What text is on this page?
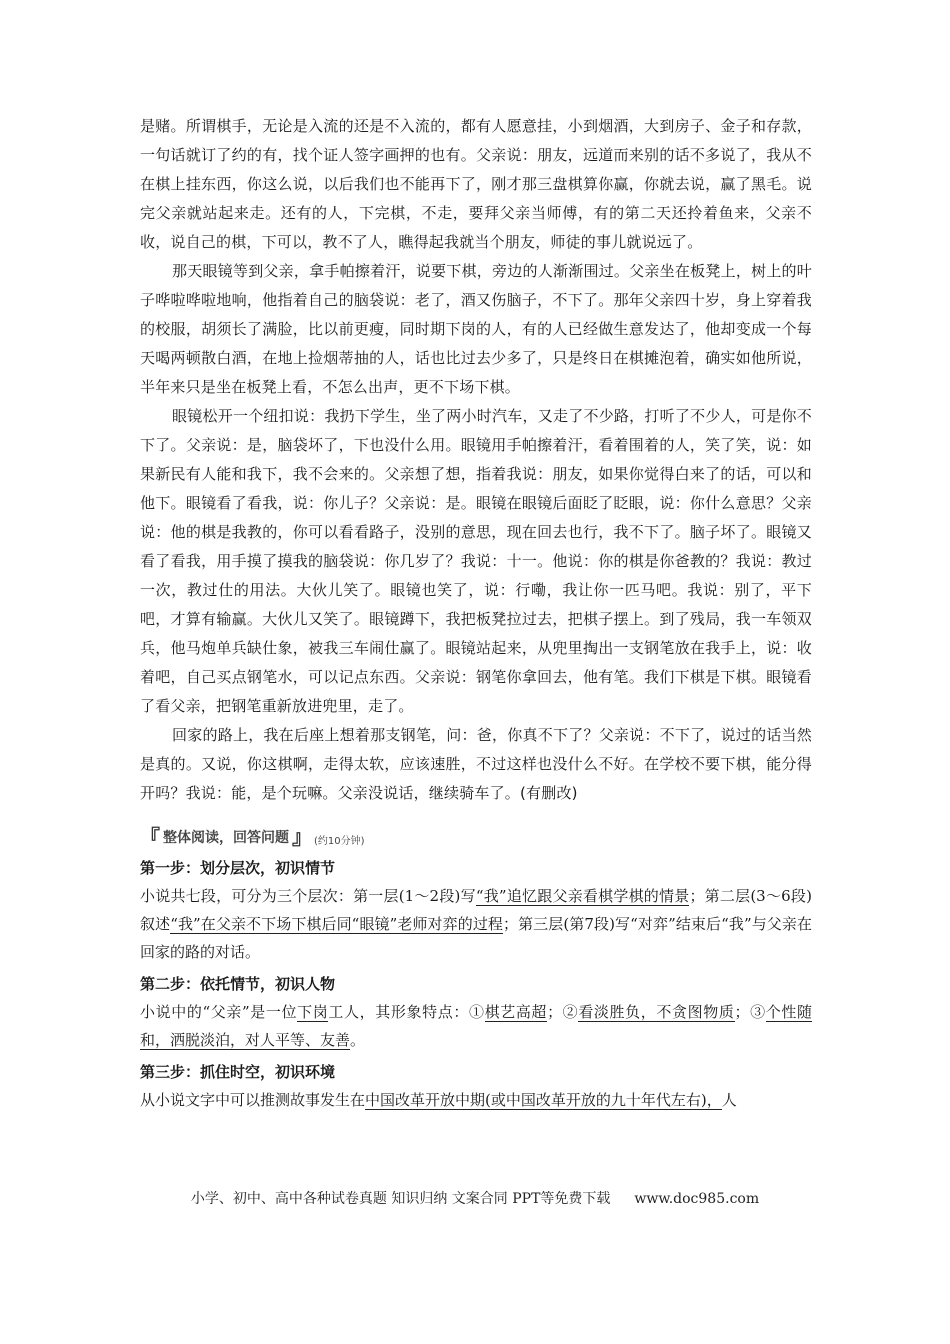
是赌。所谓棋手，无论是入流的还是不入流的，都有人愿意挂，小到烟酒，大到房子、金子和存款，一句话就订了约的有，找个证人签字画押的也有。父亲说：朋友，远道而来别的话不多说了，我从不在棋上挂东西，你这么说，以后我们也不能再下了，刚才那三盘棋算你赢，你就去说，赢了黑毛。说完父亲就站起来走。还有的人，下完棋，不走，要拜父亲当师傅，有的第二天还拎着鱼来，父亲不收，说自己的棋，下可以，教不了人，瞧得起我就当个朋友，师徒的事儿就说远了。

那天眼镜等到父亲，拿手帕擦着汗，说要下棋，旁边的人渐渐围过。父亲坐在板凳上，树上的叶子哗啦哗啦地响，他指着自己的脑袋说：老了，酒又伤脑子，不下了。那年父亲四十岁，身上穿着我的校服，胡须长了满脸，比以前更瘦，同时期下岗的人，有的人已经做生意发达了，他却变成一个每天喝两顿散白酒，在地上捡烟蒂抽的人，话也比过去少多了，只是终日在棋摊泡着，确实如他所说，半年来只是坐在板凳上看，不怎么出声，更不下场下棋。

眼镜松开一个纽扣说：我扔下学生，坐了两小时汽车，又走了不少路，打听了不少人，可是你不下了。父亲说：是，脑袋坏了，下也没什么用。眼镜用手帕擦着汗，看着围着的人，笑了笑，说：如果新民有人能和我下，我不会来的。父亲想了想，指着我说：朋友，如果你觉得白来了的话，可以和他下。眼镜看了看我，说：你儿子？父亲说：是。眼镜在眼镜后面眨了眨眼，说：你什么意思？父亲说：他的棋是我教的，你可以看看路子，没别的意思，现在回去也行，我不下了。脑子坏了。眼镜又看了看我，用手摸了摸我的脑袋说：你几岁了？我说：十一。他说：你的棋是你爸教的？我说：教过一次，教过仕的用法。大伙儿笑了。眼镜也笑了，说：行嘞，我让你一匹马吧。我说：别了，平下吧，才算有输赢。大伙儿又笑了。眼镜蹲下，我把板凳拉过去，把棋子摆上。到了残局，我一车领双兵，他马炮单兵缺仕象，被我三车闹仕赢了。眼镜站起来，从兜里掏出一支钢笔放在我手上，说：收着吧，自己买点钢笔水，可以记点东西。父亲说：钢笔你拿回去，他有笔。我们下棋是下棋。眼镜看了看父亲，把钢笔重新放进兜里，走了。

回家的路上，我在后座上想着那支钢笔，问：爸，你真不下了？父亲说：不下了，说过的话当然是真的。又说，你这棋啊，走得太软，应该速胜，不过这样也没什么不好。在学校不要下棋，能分得开吗？我说：能，是个玩嘛。父亲没说话，继续骑车了。(有删改)

『 整体阅读，回答问题 』 (约10分钟)
第一步：划分层次，初识情节

小说共七段，可分为三个层次：第一层(1～2段)写“我”追忆跟父亲看棋学棋的情景；第二层(3～6段)叙述“我”在父亲不下场下棋后同“眼镜”老师对弈的过程；第三层(第7段)写“对弈”结束后“我”与父亲在回家的路的对话。

第二步：依托情节，初识人物

小说中的“父亲”是一位下岗工人，其形象特点：①棋艺高超；②看淡胜负，不贪图物质；③个性随和，洒脱淡泊，对人平等、友善。

第三步：抓住时空，初识环境

从小说文字中可以推测故事发生在中国改革开放中期(或中国改革开放的九十年代左右)，人

小学、初中、高中各种试卷真题 知识归纳 文案合同 PPT等免费下载 www.doc985.com
